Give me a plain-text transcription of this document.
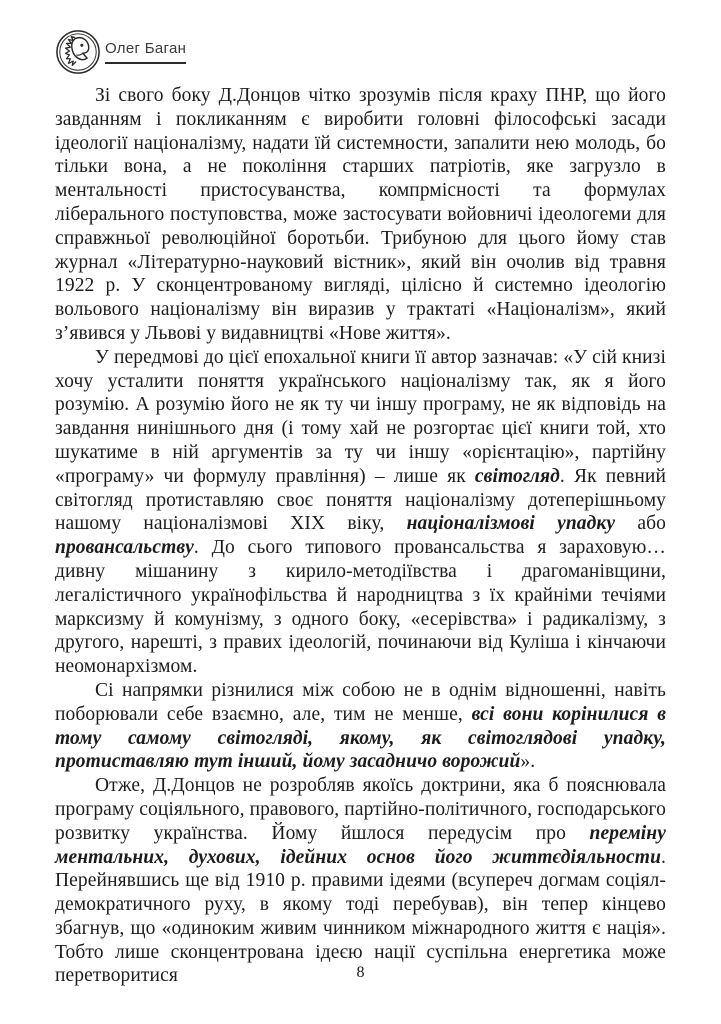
Олег Баган

Зі свого боку Д.Донцов чітко зрозумів після краху ПНР, що його завданням і покликанням є виробити головні філософські засади ідеології націоналізму, надати їй системности, запалити нею молодь, бо тільки вона, а не покоління старших патріотів, яке загрузло в ментальності пристосуванства, компрмісності та формулах ліберального поступовства, може застосувати войовничі ідеологеми для справжньої революційної боротьби. Трибуною для цього йому став журнал «Літературно-науковий вістник», який він очолив від травня 1922 р. У сконцентрованому вигляді, цілісно й системно ідеологію вольового націоналізму він виразив у трактаті «Націоналізм», який з’явився у Львові у видавництві «Нове життя».

У передмові до цієї епохальної книги її автор зазначав: «У сій книзі хочу усталити поняття українського націоналізму так, як я його розумію. А розумію його не як ту чи іншу програму, не як відповідь на завдання нинішнього дня (і тому хай не розгортає цієї книги той, хто шукатиме в ній аргументів за ту чи іншу «орієнтацію», партійну «програму» чи формулу правління) – лише як світогляд. Як певний світогляд протиставляю своє поняття націоналізму дотеперішньому нашому націоналізмові XIX віку, націоналізмові упадку або провансальству. До сього типового провансальства я зараховую… дивну мішанину з кирило-методіївства і драгоманівщини, легалістичного українофільства й народництва з їх крайніми течіями марксизму й комунізму, з одного боку, «есерівства» і радикалізму, з другого, нарешті, з правих ідеологій, починаючи від Куліша і кінчаючи неомонархізмом.

Сі напрямки різнилися між собою не в однім відношенні, навіть поборювали себе взаємно, але, тим не менше, всі вони корінилися в тому самому світогляді, якому, як світоглядові упадку, протиставляю тут інший, йому засадничо ворожий».

Отже, Д.Донцов не розробляв якоїсь доктрини, яка б пояснювала програму соціяльного, правового, партійно-політичного, господарського розвитку українства. Йому йшлося передусім про переміну ментальних, духових, ідейних основ його життєдіяльности. Перейнявшись ще від 1910 р. правими ідеями (всупереч догмам соціял-демократичного руху, в якому тоді перебував), він тепер кінцево збагнув, що «одиноким живим чинником міжнародного життя є нація». Тобто лише сконцентрована ідеєю нації суспільна енергетика може перетворитися	8
